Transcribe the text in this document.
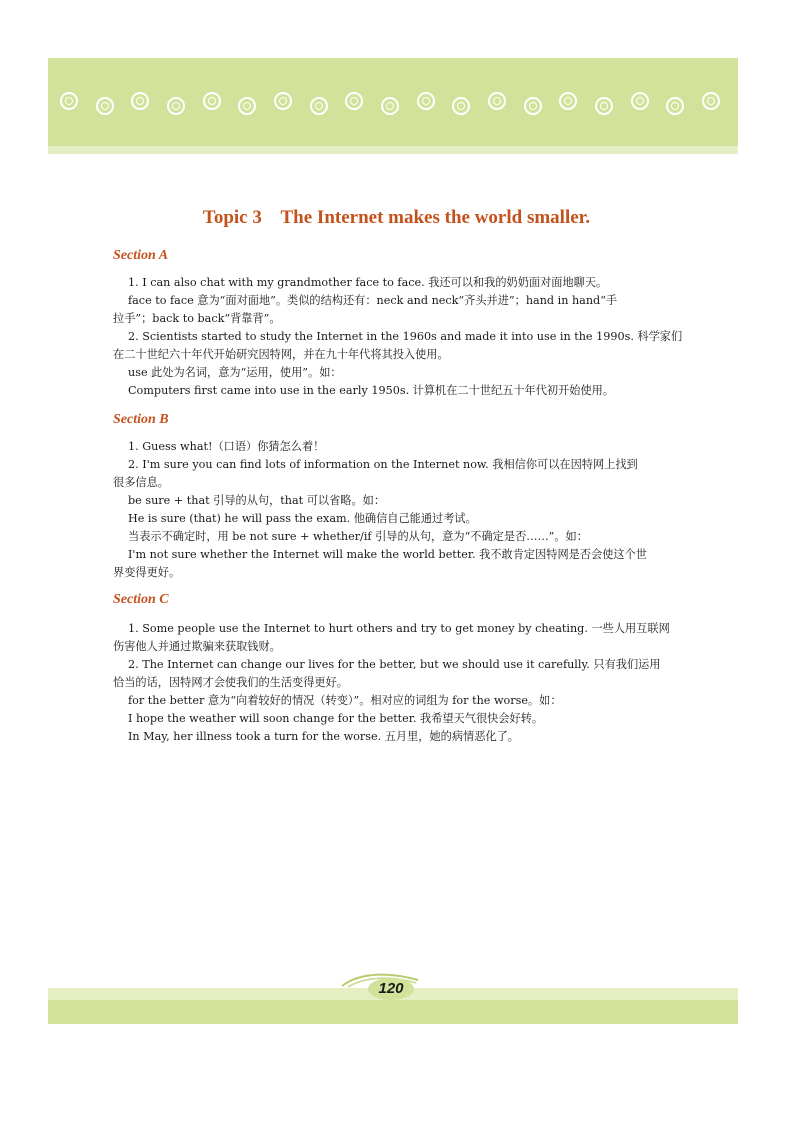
Topic 3    The Internet makes the world smaller.
Section A
1. I can also chat with my grandmother face to face. 我还可以和我的奶奶面对面地聊天。
face to face 意为“面对面地”。类似的结构还有：neck and neck“齐头并进”；hand in hand“手
拉手”；back to back“背靠背”。
2. Scientists started to study the Internet in the 1960s and made it into use in the 1990s. 科学家们
在二十世纪六十年代开始研究因特网，并在九十年代将其投入使用。
use 此处为名词，意为“运用，使用”。如：
Computers first came into use in the early 1950s. 计算机在二十世纪五十年代初开始使用。
Section B
1. Guess what!（口语）你猜怎么着！
2. I'm sure you can find lots of information on the Internet now. 我相信你可以在因特网上找到
很多信息。
be sure + that 引导的从句，that 可以省略。如：
He is sure (that) he will pass the exam. 他确信自己能通过考试。
当表示不确定时，用 be not sure + whether/if 引导的从句，意为“不确定是否……”。如：
I'm not sure whether the Internet will make the world better. 我不敢肯定因特网是否会使这个世
界变得更好。
Section C
1. Some people use the Internet to hurt others and try to get money by cheating. 一些人用互联网
伤害他人并通过欺骗来获取钱财。
2. The Internet can change our lives for the better, but we should use it carefully. 只有我们运用
恰当的话，因特网才会使我们的生活变得更好。
for the better 意为“向着较好的情况（转变）”。相对应的词组为 for the worse。如：
I hope the weather will soon change for the better. 我希望天气很快会好转。
In May, her illness took a turn for the worse. 五月里，她的病情恶化了。
120
